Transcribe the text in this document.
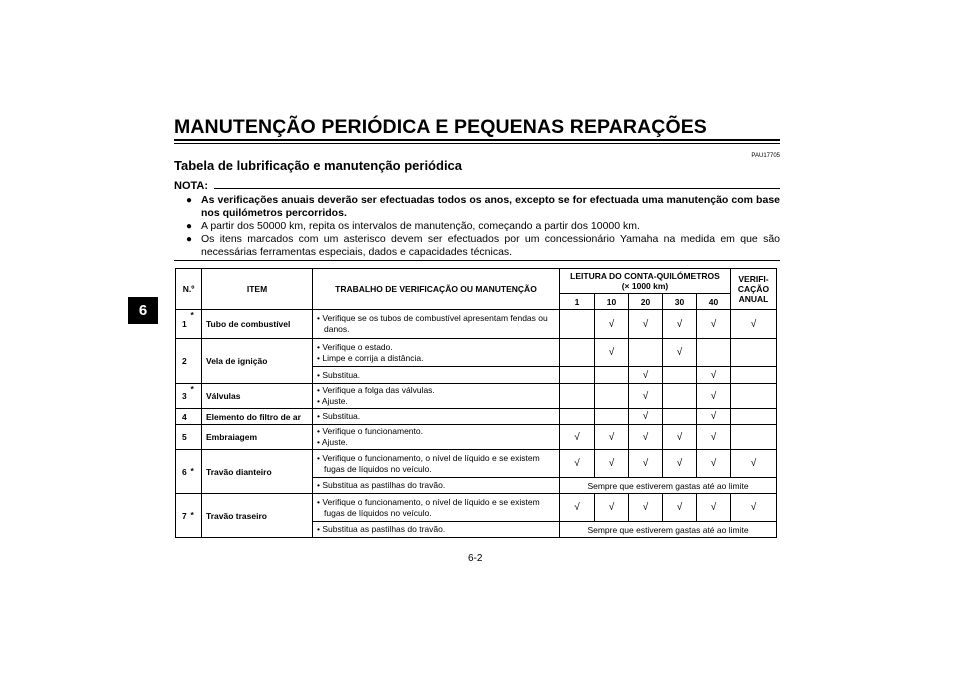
MANUTENÇÃO PERIÓDICA E PEQUENAS REPARAÇÕES
PAU17705
Tabela de lubrificação e manutenção periódica
NOTA:
● As verificações anuais deverão ser efectuadas todos os anos, excepto se for efectuada uma manutenção com base nos quilómetros percorridos.
● A partir dos 50000 km, repita os intervalos de manutenção, começando a partir dos 10000 km.
● Os itens marcados com um asterisco devem ser efectuados por um concessionário Yamaha na medida em que são necessárias ferramentas especiais, dados e capacidades técnicas.
6
N.º		ITEM	TRABALHO DE VERIFICAÇÃO OU MANUTENÇÃO	LEITURA DO CONTA-QUILÓMETROS
(× 1000 km)					VERIFI-CAÇÃO ANUAL
				1	10	20	30	40	
1	*	Tubo de combustível	• Verifique se os tubos de combustível apresentam fendas ou danos.		√	√	√	√	√
2		Vela de ignição	• Verifique o estado.
• Limpe e corrija a distância.		√		√		

			• Substitua.			√		√	
3	*	Válvulas	• Verifique a folga das válvulas.
• Ajuste.			√		√	
4		Elemento do filtro de ar	• Substitua.			√		√	
5		Embraiagem	• Verifique o funcionamento.
• Ajuste.	√	√	√	√	√	
6	*	Travão dianteiro	• Verifique o funcionamento, o nível de líquido e se existem fugas de líquidos no veículo.	√	√	√	√	√	√

			• Substitua as pastilhas do travão.	Sempre que estiverem gastas até ao limite					
7	*	Travão traseiro	• Verifique o funcionamento, o nível de líquido e se existem fugas de líquidos no veículo.	√	√	√	√	√	√

			• Substitua as pastilhas do travão.	Sempre que estiverem gastas até ao limite					
6-2
